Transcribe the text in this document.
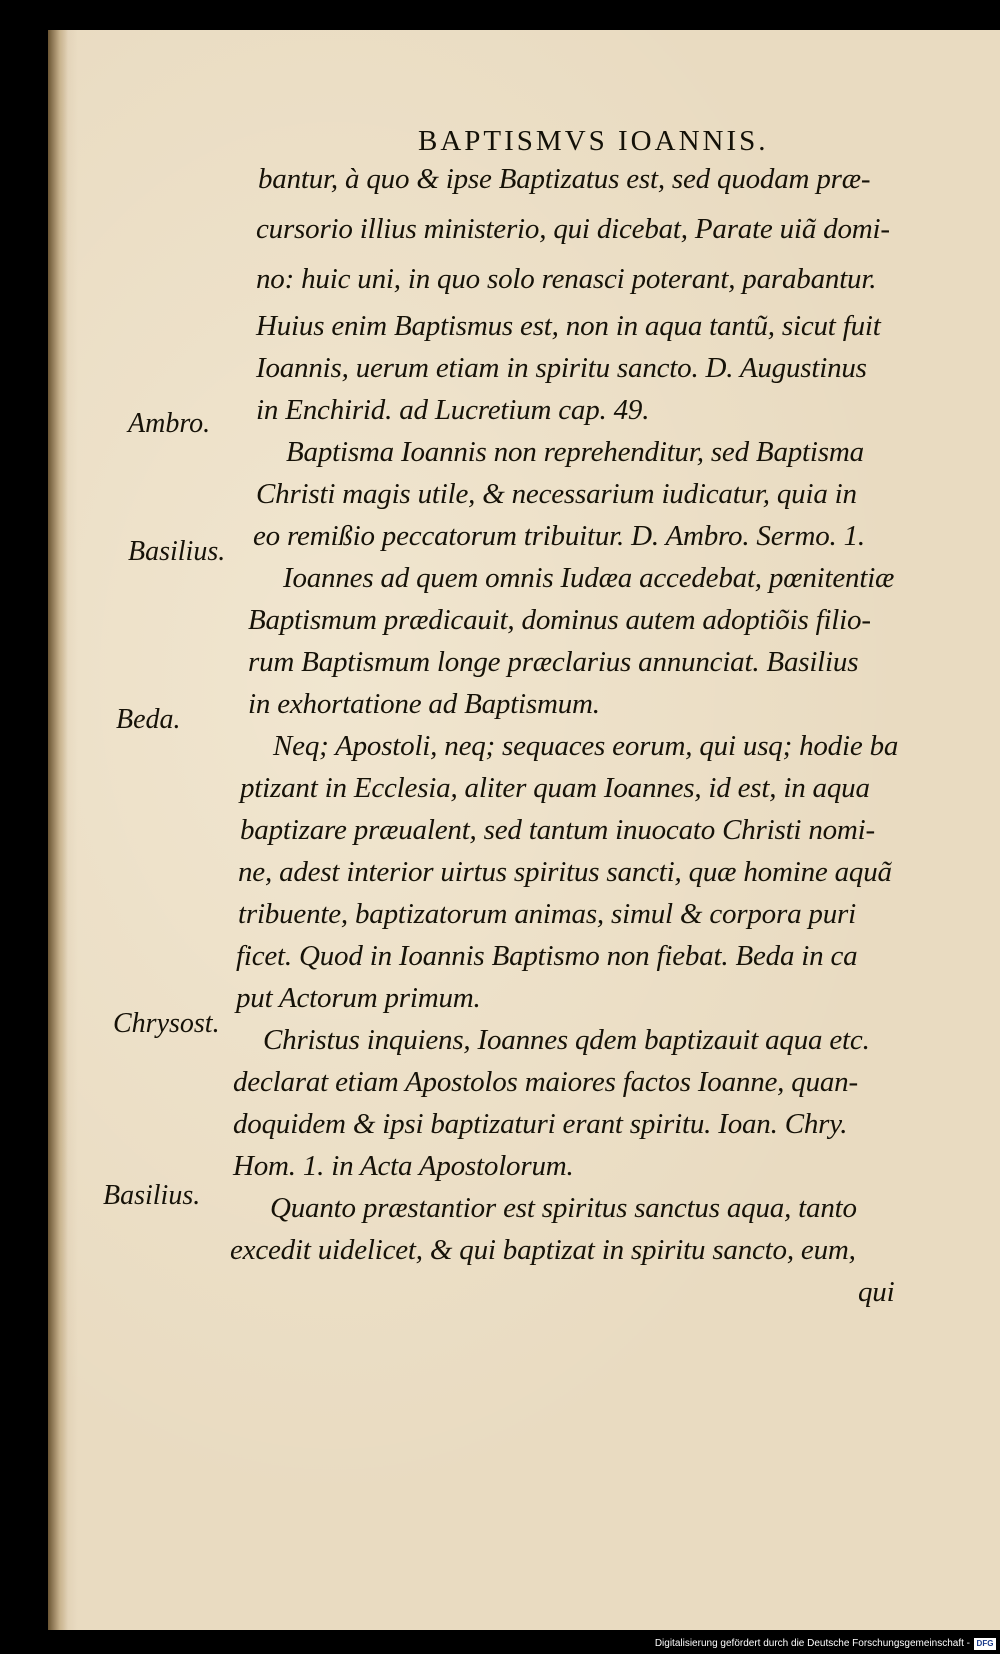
BAPTISMVS IOANNIS.
bantur, à quo & ipse Baptizatus est, sed quodam præ-
cursorio illius ministerio, qui dicebat, Parate uiã domi-
no: huic uni, in quo solo renasci poterant, parabantur.
Huius enim Baptismus est, non in aqua tantũ, sicut fuit
Ioannis, uerum etiam in spiritu sancto. D. Augustinus
in Enchirid. ad Lucretium cap. 49.
Baptisma Ioannis non reprehenditur, sed Baptisma
Christi magis utile, & necessarium iudicatur, quia in
eo remißio peccatorum tribuitur. D. Ambro. Sermo. 1.
Ioannes ad quem omnis Iudæa accedebat, pœnitentiæ
Baptismum prædicauit, dominus autem adoptiõis filio-
rum Baptismum longe præclarius annunciat. Basilius
in exhortatione ad Baptismum.
Neq; Apostoli, neq; sequaces eorum, qui usq; hodie ba
ptizant in Ecclesia, aliter quam Ioannes, id est, in aqua
baptizare præualent, sed tantum inuocato Christi nomi-
ne, adest interior uirtus spiritus sancti, quæ homine aquã
tribuente, baptizatorum animas, simul & corpora puri
ficet. Quod in Ioannis Baptismo non fiebat. Beda in ca
put Actorum primum.
Christus inquiens, Ioannes qdem baptizauit aqua etc.
declarat etiam Apostolos maiores factos Ioanne, quan-
doquidem & ipsi baptizaturi erant spiritu. Ioan. Chry.
Hom. 1. in Acta Apostolorum.
Quanto præstantior est spiritus sanctus aqua, tanto
excedit uidelicet, & qui baptizat in spiritu sancto, eum,
qui
Ambro.
Basilius.
Beda.
Chrysost.
Basilius.
Digitalisierung gefördert durch die Deutsche Forschungsgemeinschaft - DFG
